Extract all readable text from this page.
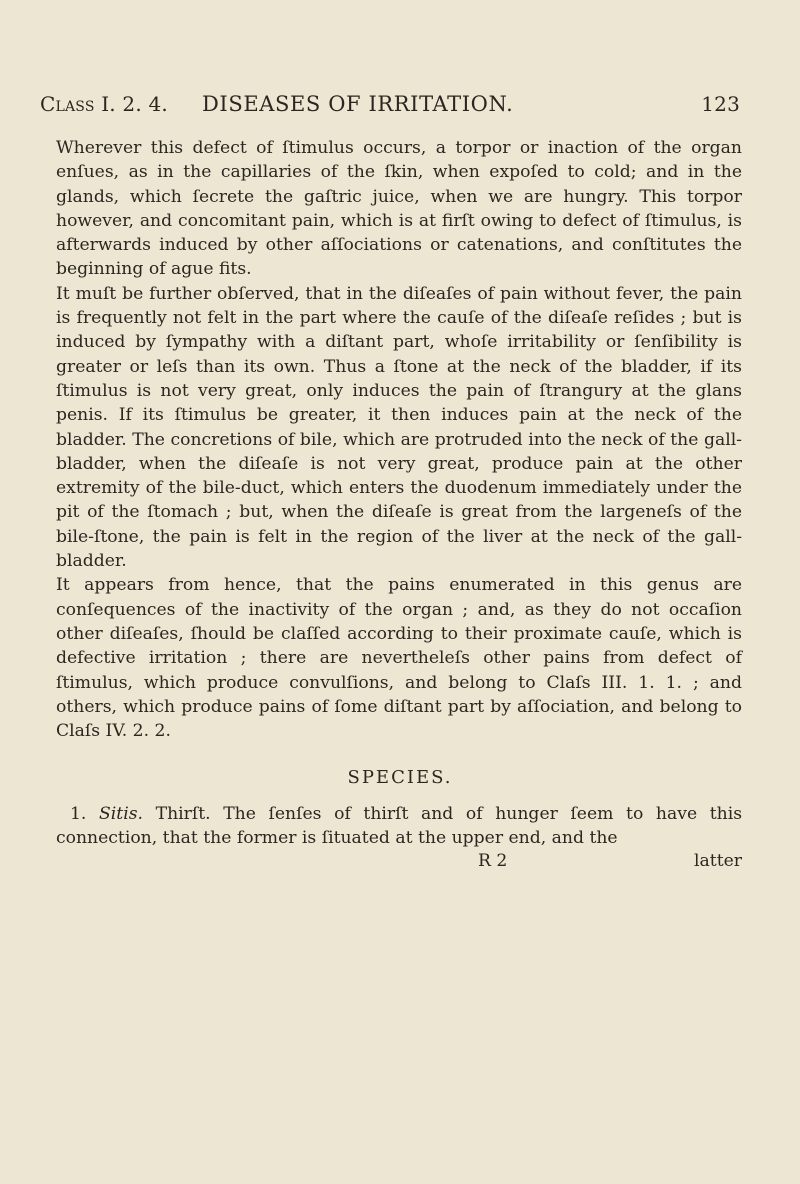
Class I. 2. 4. DISEASES OF IRRITATION.	123

Wherever this defect of ſtimulus occurs, a torpor or inaction of the organ enſues, as in the capillaries of the ſkin, when expoſed to cold; and in the glands, which ſecrete the gaſtric juice, when we are hungry. This torpor however, and concomitant pain, which is at firſt owing to defect of ſtimulus, is afterwards induced by other aſſociations or catenations, and conſtitutes the beginning of ague fits.

It muſt be further obſerved, that in the diſeaſes of pain without fever, the pain is frequently not felt in the part where the cauſe of the diſeaſe reſides ; but is induced by ſympathy with a diſtant part, whoſe irritability or ſenſibility is greater or leſs than its own. Thus a ſtone at the neck of the bladder, if its ſtimulus is not very great, only induces the pain of ſtrangury at the glans penis. If its ſtimulus be greater, it then induces pain at the neck of the bladder. The concretions of bile, which are protruded into the neck of the gall-bladder, when the diſeaſe is not very great, produce pain at the other extremity of the bile-duct, which enters the duodenum immediately under the pit of the ſtomach ; but, when the diſeaſe is great from the largeneſs of the bile-ſtone, the pain is felt in the region of the liver at the neck of the gall-bladder.

It appears from hence, that the pains enumerated in this genus are conſequences of the inactivity of the organ ; and, as they do not occaſion other diſeaſes, ſhould be claſſed according to their proximate cauſe, which is defective irritation ; there are nevertheleſs other pains from defect of ſtimulus, which produce convulſions, and belong to Claſs III. 1. 1. ; and others, which produce pains of ſome diſtant part by aſſociation, and belong to Claſs IV. 2. 2.

SPECIES.
1. Sitis. Thirſt. The ſenſes of thirſt and of hunger ſeem to have this connection, that the former is ſituated at the upper end, and the
R 2	latter
